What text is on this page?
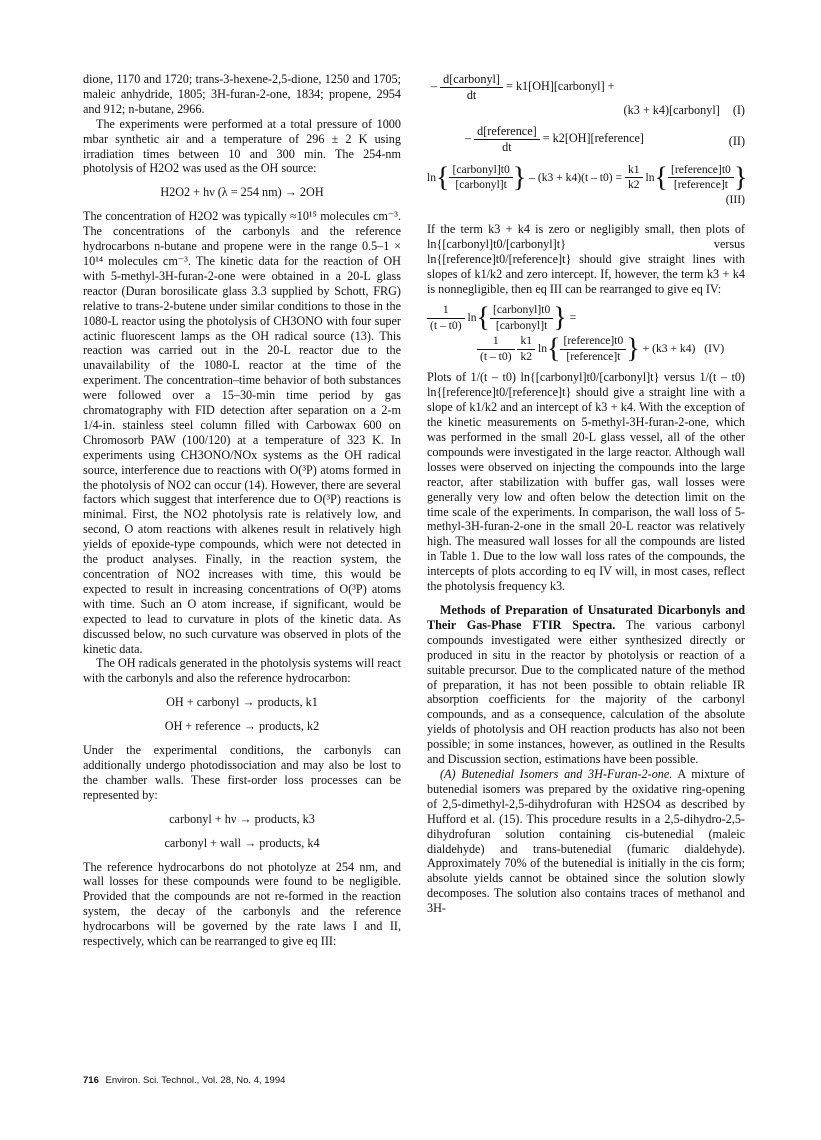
dione, 1170 and 1720; trans-3-hexene-2,5-dione, 1250 and 1705; maleic anhydride, 1805; 3H-furan-2-one, 1834; propene, 2954 and 912; n-butane, 2966.

The experiments were performed at a total pressure of 1000 mbar synthetic air and a temperature of 296 ± 2 K using irradiation times between 10 and 300 min. The 254-nm photolysis of H2O2 was used as the OH source:

H2O2 + hν (λ = 254 nm) → 2OH

The concentration of H2O2 was typically ≈10¹⁵ molecules cm⁻³. The concentrations of the carbonyls and the reference hydrocarbons n-butane and propene were in the range 0.5–1 × 10¹⁴ molecules cm⁻³. The kinetic data for the reaction of OH with 5-methyl-3H-furan-2-one were obtained in a 20-L glass reactor (Duran borosilicate glass 3.3 supplied by Schott, FRG) relative to trans-2-butene under similar conditions to those in the 1080-L reactor using the photolysis of CH3ONO with four super actinic fluorescent lamps as the OH radical source (13). This reaction was carried out in the 20-L reactor due to the unavailability of the 1080-L reactor at the time of the experiment. The concentration–time behavior of both substances were followed over a 15–30-min time period by gas chromatography with FID detection after separation on a 2-m 1/4-in. stainless steel column filled with Carbowax 600 on Chromosorb PAW (100/120) at a temperature of 323 K. In experiments using CH3ONO/NOx systems as the OH radical source, interference due to reactions with O(³P) atoms formed in the photolysis of NO2 can occur (14). However, there are several factors which suggest that interference due to O(³P) reactions is minimal. First, the NO2 photolysis rate is relatively low, and second, O atom reactions with alkenes result in relatively high yields of epoxide-type compounds, which were not detected in the product analyses. Finally, in the reaction system, the concentration of NO2 increases with time, this would be expected to result in increasing concentrations of O(³P) atoms with time. Such an O atom increase, if significant, would be expected to lead to curvature in plots of the kinetic data. As discussed below, no such curvature was observed in plots of the kinetic data.

The OH radicals generated in the photolysis systems will react with the carbonyls and also the reference hydrocarbon:

OH + carbonyl → products, k1

OH + reference → products, k2

Under the experimental conditions, the carbonyls can additionally undergo photodissociation and may also be lost to the chamber walls. These first-order loss processes can be represented by:

carbonyl + hν → products, k3

carbonyl + wall → products, k4

The reference hydrocarbons do not photolyze at 254 nm, and wall losses for these compounds were found to be negligible. Provided that the compounds are not re-formed in the reaction system, the decay of the carbonyls and the reference hydrocarbons will be governed by the rate laws I and II, respectively, which can be rearranged to give eq III:

– $\frac{\text{d[carbonyl]}}{dt}$ = k1[OH][carbonyl] +
(k3 + k4)[carbonyl] (I)
– $\frac{\text{d[reference]}}{dt}$ = k2[OH][reference]	(II)
$\ln\{ \frac{\text{[carbonyl]t0}}{\text{[carbonyl]t}}$ } – $(k3 + k4)(t - t0) = \frac{k1}{k2} \ln\{ \frac{\text{[reference]t0}}{\text{[reference]t}}$ }
(III)

If the term k3 + k4 is zero or negligibly small, then plots of ln{[carbonyl]t0/[carbonyl]t} versus ln{[reference]t0/[reference]t} should give straight lines with slopes of k1/k2 and zero intercept. If, however, the term k3 + k4 is nonnegligible, then eq III can be rearranged to give eq IV:

$\frac{1}{(t - t0)} \ln\{ \frac{\text{[carbonyl]t0}}{\text{[carbonyl]t}}$ } =
$\frac{1}{(t - t0)}$
$\frac{k1}{k2} \ln\{ \frac{\text{[reference]t0}}{\text{[reference]t}}$ } + (k3 + k4) (IV)

Plots of 1/(t – t0) ln{[carbonyl]t0/[carbonyl]t} versus 1/(t – t0) ln{[reference]t0/[reference]t} should give a straight line with a slope of k1/k2 and an intercept of k3 + k4. With the exception of the kinetic measurements on 5-methyl-3H-furan-2-one, which was performed in the small 20-L glass vessel, all of the other compounds were investigated in the large reactor. Although wall losses were observed on injecting the compounds into the large reactor, after stabilization with buffer gas, wall losses were generally very low and often below the detection limit on the time scale of the experiments. In comparison, the wall loss of 5-methyl-3H-furan-2-one in the small 20-L reactor was relatively high. The measured wall losses for all the compounds are listed in Table 1. Due to the low wall loss rates of the compounds, the intercepts of plots according to eq IV will, in most cases, reflect the photolysis frequency k3.

Methods of Preparation of Unsaturated Dicarbonyls and Their Gas-Phase FTIR Spectra. The various carbonyl compounds investigated were either synthesized directly or produced in situ in the reactor by photolysis or reaction of a suitable precursor. Due to the complicated nature of the method of preparation, it has not been possible to obtain reliable IR absorption coefficients for the majority of the carbonyl compounds, and as a consequence, calculation of the absolute yields of photolysis and OH reaction products has also not been possible; in some instances, however, as outlined in the Results and Discussion section, estimations have been possible.

(A) Butenedial Isomers and 3H-Furan-2-one. A mixture of butenedial isomers was prepared by the oxidative ring-opening of 2,5-dimethyl-2,5-dihydrofuran with H2SO4 as described by Hufford et al. (15). This procedure results in a 2,5-dihydro-2,5-dihydrofuran solution containing cis-butenedial (maleic dialdehyde) and trans-butenedial (fumaric dialdehyde). Approximately 70% of the butenedial is initially in the cis form; absolute yields cannot be obtained since the solution slowly decomposes. The solution also contains traces of methanol and 3H-

716 Environ. Sci. Technol., Vol. 28, No. 4, 1994
